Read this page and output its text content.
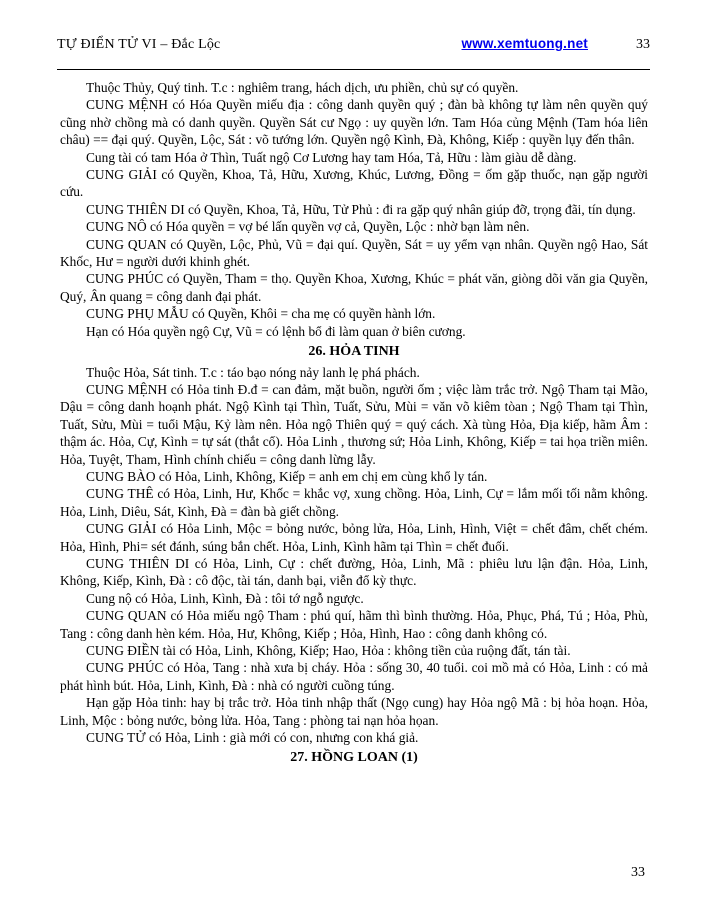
TỰ ĐIỂN TỬ VI – Đắc Lộc	www.xemtuong.net	33

Thuộc Thủy, Quý tinh. T.c : nghiêm trang, hách dịch, ưu phiền, chủ sự có quyền.

CUNG MỆNH có Hóa Quyền miếu địa : công danh quyền quý ; đàn bà không tự làm nên quyền quý cũng nhờ chồng mà có danh quyền. Quyền Sát cư Ngọ : uy quyền lớn. Tam Hóa củng Mệnh (Tam hóa liên châu) == đại quý. Quyền, Lộc, Sát : võ tướng lớn. Quyền ngộ Kình, Đà, Không, Kiếp : quyền lụy đến thân.

Cung tài có tam Hóa ở Thìn, Tuất ngộ Cơ Lương hay tam Hóa, Tả, Hữu : làm giàu dễ dàng.

CUNG GIẢI có Quyền, Khoa, Tả, Hữu, Xương, Khúc, Lương, Đồng = ốm gặp thuốc, nạn gặp người cứu.

CUNG THIÊN DI có Quyền, Khoa, Tả, Hữu, Tử Phủ : đi ra gặp quý nhân giúp đỡ, trọng đãi, tín dụng.

CUNG NÔ có Hóa quyền = vợ bé lấn quyền vợ cả, Quyền, Lộc : nhờ bạn làm nên.

CUNG QUAN có Quyền, Lộc, Phủ, Vũ = đại quí. Quyền, Sát = uy yểm vạn nhân. Quyền ngộ Hao, Sát Khốc, Hư = người dưới khinh ghét.

CUNG PHÚC có Quyền, Tham = thọ. Quyền Khoa, Xương, Khúc = phát văn, giòng dõi văn gia Quyền, Quý, Ân quang = công danh đại phát.

CUNG PHỤ MẪU có Quyền, Khôi = cha mẹ có quyền hành lớn.

Hạn có Hóa quyền ngộ Cự, Vũ = có lệnh bổ đi làm quan ở biên cương.

26. HỎA TINH

Thuộc Hỏa, Sát tinh. T.c : táo bạo nóng nảy lanh lẹ phá phách.

CUNG MỆNH có Hỏa tinh Đ.đ = can đảm, mặt buồn, người ốm ; việc làm trắc trở. Ngộ Tham tại Mão, Dậu = công danh hoạnh phát. Ngộ Kình tại Thìn, Tuất, Sửu, Mùi = văn võ kiêm tòan ; Ngộ Tham tại Thìn, Tuất, Sửu, Mùi = tuổi Mậu, Kỷ làm nên. Hỏa ngộ Thiên quý = quý cách. Xà tùng Hỏa, Địa kiếp, hãm Âm : thậm ác. Hỏa, Cự, Kình = tự sát (thắt cổ). Hỏa Linh , thương sứ; Hỏa Linh, Không, Kiếp = tai họa triền miên. Hỏa, Tuyệt, Tham, Hình chính chiếu = công danh lừng lẫy.

CUNG BÀO có Hỏa, Linh, Không, Kiếp = anh em chị em cùng khổ ly tán.

CUNG THÊ có Hỏa, Linh, Hư, Khốc = khắc vợ, xung chồng. Hỏa, Linh, Cự = lắm mối tối nằm không. Hỏa, Linh, Diêu, Sát, Kình, Đà = đàn bà giết chồng.

CUNG GIẢI có Hỏa Linh, Mộc = bỏng nước, bỏng lửa, Hỏa, Linh, Hình, Việt = chết đâm, chết chém. Hỏa, Hình, Phi= sét đánh, súng bắn chết. Hỏa, Linh, Kình hãm tại Thìn = chết đuối.

CUNG THIÊN DI có Hỏa, Linh, Cự : chết đường, Hỏa, Linh, Mã : phiêu lưu lận đận. Hỏa, Linh, Không, Kiếp, Kình, Đà : cô độc, tài tán, danh bại, viễn đổ kỳ thực.

Cung nộ có Hỏa, Linh, Kình, Đà : tôi tớ ngỗ ngược.

CUNG QUAN có Hỏa miếu ngộ Tham : phú quí, hãm thì bình thường. Hỏa, Phục, Phá, Tú ; Hỏa, Phù, Tang : công danh hèn kém. Hỏa, Hư, Không, Kiếp ; Hỏa, Hình, Hao : công danh không có.

CUNG ĐIỀN tài có Hỏa, Linh, Không, Kiếp; Hao, Hỏa : không tiền của ruộng đất, tán tài.

CUNG PHÚC có Hỏa, Tang : nhà xưa bị cháy. Hỏa : sống 30, 40 tuổi. coi mồ mả có Hỏa, Linh : có mả phát hình bút. Hỏa, Linh, Kình, Đà : nhà có người cuồng túng.

Hạn gặp Hỏa tinh: hay bị trắc trở. Hỏa tinh nhập thất (Ngọ cung) hay Hỏa ngộ Mã : bị hỏa hoạn. Hỏa, Linh, Mộc : bỏng nước, bỏng lửa. Hỏa, Tang : phòng tai nạn hỏa họan.

CUNG TỬ có Hỏa, Linh : già mới có con, nhưng con khá giả.

27. HỒNG LOAN (1)
33
